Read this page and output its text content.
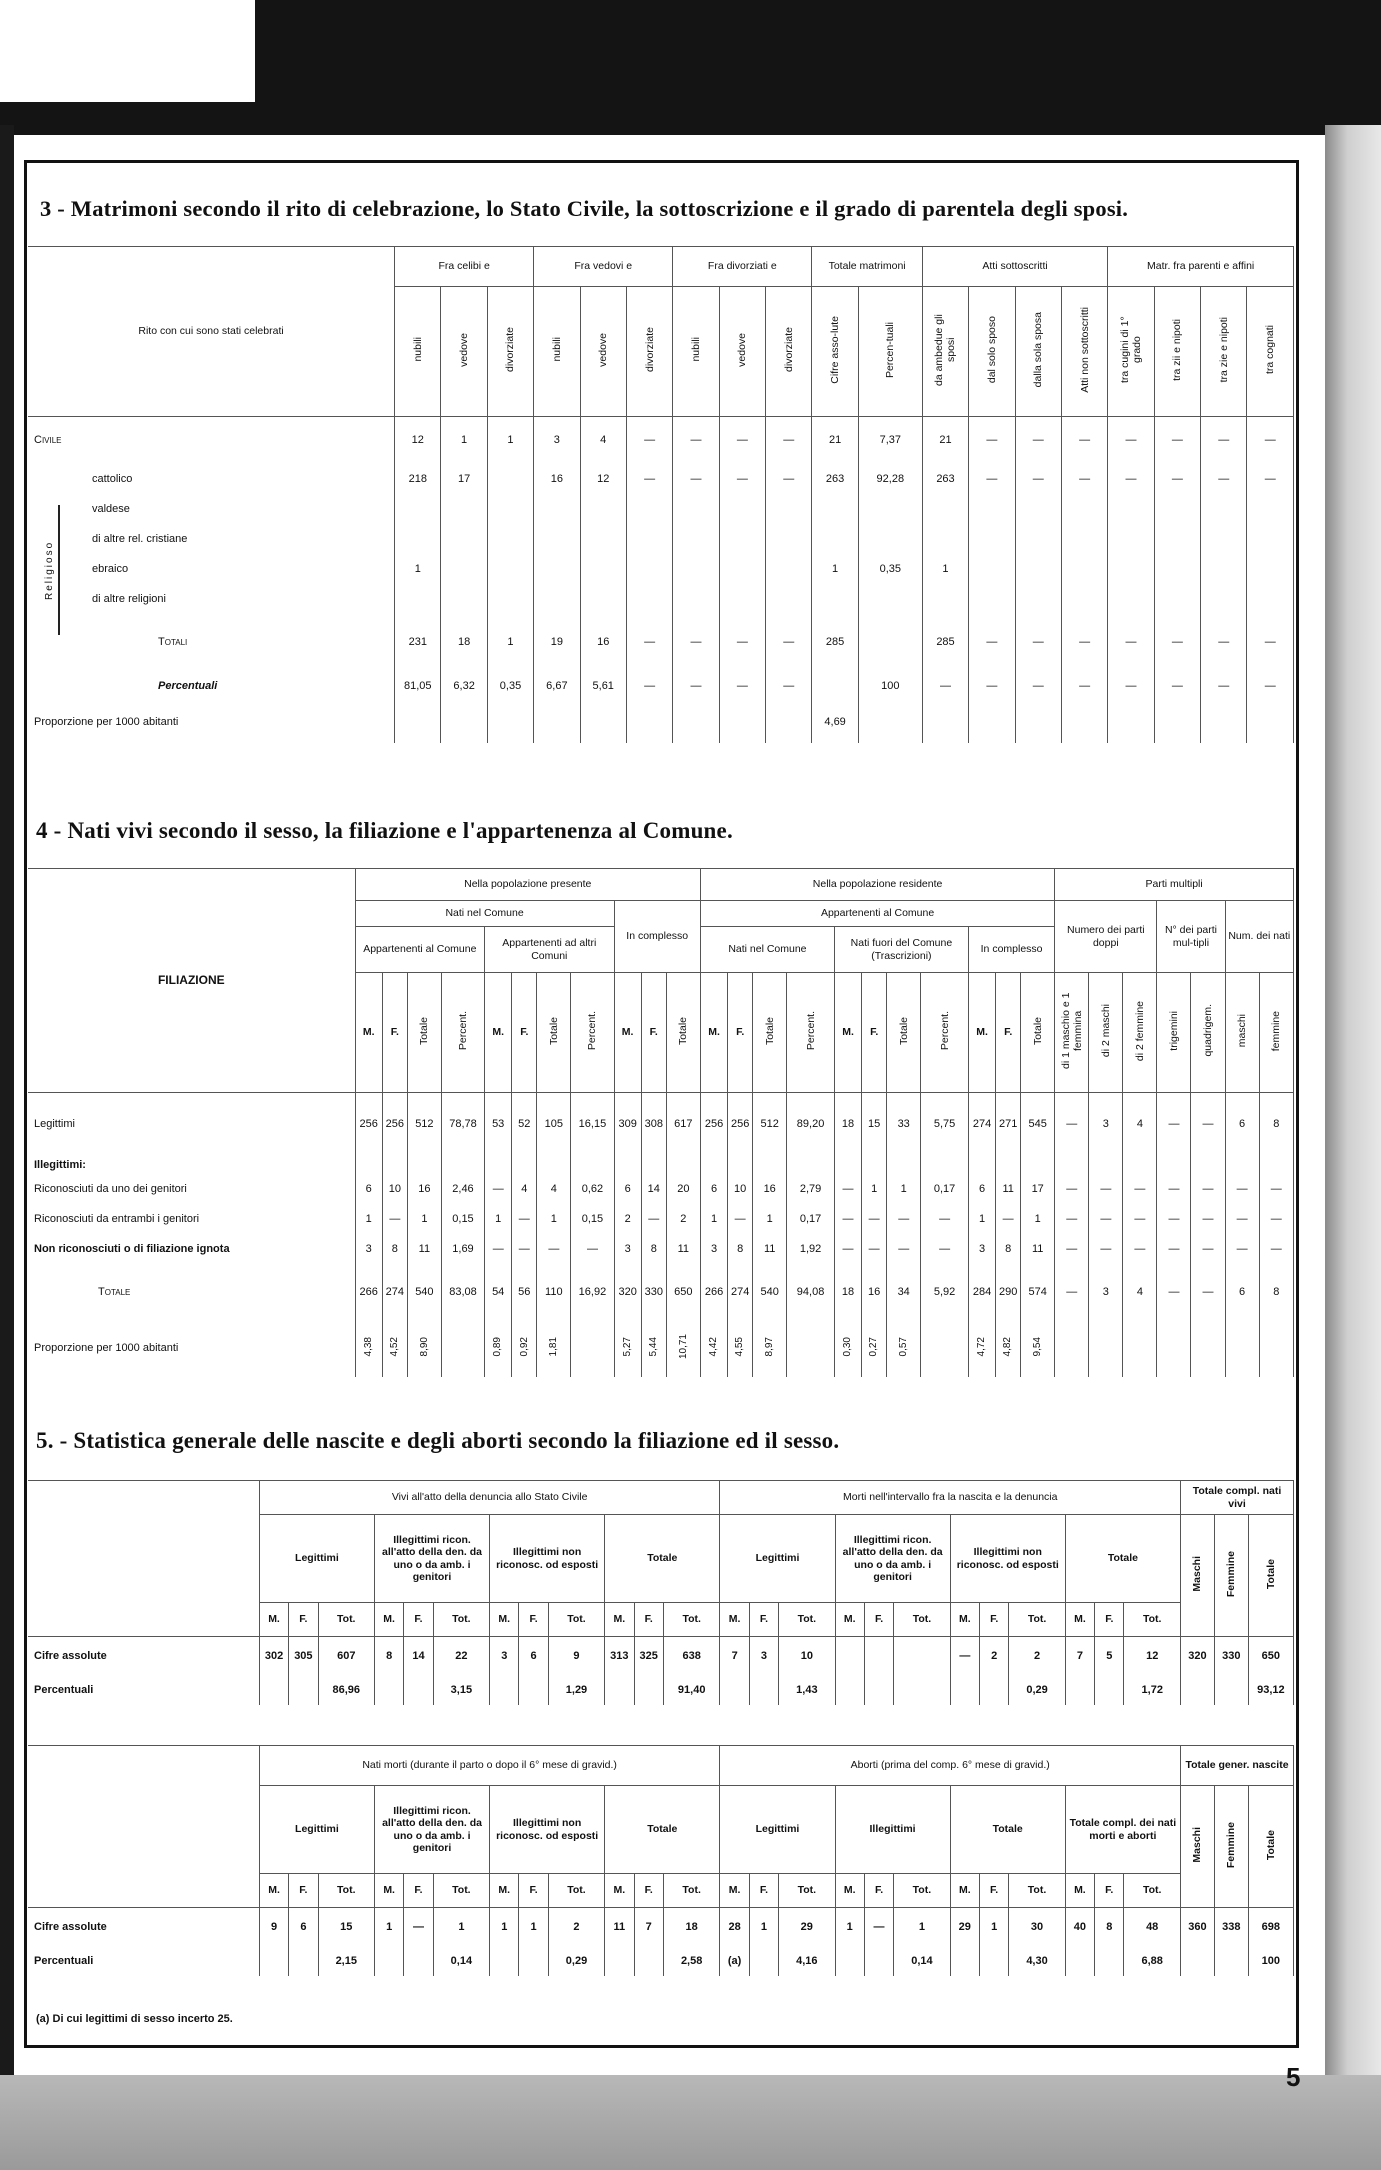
3 - Matrimoni secondo il rito di celebrazione, lo Stato Civile, la sottoscrizione e il grado di parentela degli sposi.
Rito con cui sono stati celebrati	Fra celibi e			Fra vedovi e			Fra divorziati e			Totale matrimoni		Atti sottoscritti				Matr. fra parenti e affini			
	nubili	vedove	divorziate	nubili	vedove	divorziate	nubili	vedove	divorziate	Cifre asso-lute	Percen-tuali	da ambedue gli sposi	dal solo sposo	dalla sola sposa	Atti non sottoscritti	tra cugini di 1° grado	tra zii e nipoti	tra zie e nipoti	tra cognati
Civile	12	1	1	3	4	—	—	—	—	21	7,37	21	—	—	—	—	—	—	—
cattolico	218	17		16	12	—	—	—	—	263	92,28	263	—	—	—	—	—	—	—
valdese																			
di altre rel. cristiane																			
ebraico	1									1	0,35	1							
di altre religioni																			
Totali	231	18	1	19	16	—	—	—	—	285		285	—	—	—	—	—	—	—
Percentuali	81,05	6,32	0,35	6,67	5,61	—	—	—	—		100	—	—	—	—	—	—	—	—
Proporzione per 1000 abitanti										4,69									
4 - Nati vivi secondo il sesso, la filiazione e l'appartenenza al Comune.
FILIAZIONE	Nella popolazione presente											Nella popolazione residente											Parti multipli						
	Nati nel Comune								In complesso			Appartenenti al Comune											Numero dei parti doppi			N° dei parti mul-tipli		Num. dei nati	
	Appartenenti al Comune				Appartenenti ad altri Comuni							Nati nel Comune				Nati fuori del Comune (Trascrizioni)				In complesso									
	M.	F.	Totale	Percent.	M.	F.	Totale	Percent.	M.	F.	Totale	M.	F.	Totale	Percent.	M.	F.	Totale	Percent.	M.	F.	Totale	di 1 maschio e 1 femmina	di 2 maschi	di 2 femmine	trigemini	quadrigem.	maschi	femmine
Legittimi	256	256	512	78,78	53	52	105	16,15	309	308	617	256	256	512	89,20	18	15	33	5,75	274	271	545	—	3	4	—	—	6	8
Illegittimi:																													
Riconosciuti da uno dei genitori	6	10	16	2,46	—	4	4	0,62	6	14	20	6	10	16	2,79	—	1	1	0,17	6	11	17	—	—	—	—	—	—	—
Riconosciuti da entrambi i genitori	1	—	1	0,15	1	—	1	0,15	2	—	2	1	—	1	0,17	—	—	—	—	1	—	1	—	—	—	—	—	—	—
Non riconosciuti o di filiazione ignota	3	8	11	1,69	—	—	—	—	3	8	11	3	8	11	1,92	—	—	—	—	3	8	11	—	—	—	—	—	—	—
Totale	266	274	540	83,08	54	56	110	16,92	320	330	650	266	274	540	94,08	18	16	34	5,92	284	290	574	—	3	4	—	—	6	8
Proporzione per 1000 abitanti	4,38	4,52	8,90		0,89	0,92	1,81		5,27	5,44	10,71	4,42	4,55	8,97		0,30	0,27	0,57		4,72	4,82	9,54							
5. - Statistica generale delle nascite e degli aborti secondo la filiazione ed il sesso.
	Vivi all'atto della denuncia allo Stato Civile												Morti nell'intervallo fra la nascita e la denuncia												Totale compl. nati vivi		
	Legittimi			Illegittimi ricon. all'atto della den. da uno o da amb. i genitori			Illegittimi non riconosc. od esposti			Totale			Legittimi			Illegittimi ricon. all'atto della den. da uno o da amb. i genitori			Illegittimi non riconosc. od esposti			Totale			Maschi	Femmine	Totale
	M.	F.	Tot.	M.	F.	Tot.	M.	F.	Tot.	M.	F.	Tot.	M.	F.	Tot.	M.	F.	Tot.	M.	F.	Tot.	M.	F.	Tot.			
Cifre assolute	302	305	607	8	14	22	3	6	9	313	325	638	7	3	10				—	2	2	7	5	12	320	330	650
Percentuali			86,96			3,15			1,29			91,40			1,43						0,29			1,72			93,12
	Nati morti (durante il parto o dopo il 6° mese di gravid.)												Aborti (prima del comp. 6° mese di gravid.)												Totale gener. nascite		
	Legittimi			Illegittimi ricon. all'atto della den. da uno o da amb. i genitori			Illegittimi non riconosc. od esposti			Totale			Legittimi			Illegittimi			Totale			Totale compl. dei nati morti e aborti			Maschi	Femmine	Totale
	M.	F.	Tot.	M.	F.	Tot.	M.	F.	Tot.	M.	F.	Tot.	M.	F.	Tot.	M.	F.	Tot.	M.	F.	Tot.	M.	F.	Tot.			
Cifre assolute	9	6	15	1	—	1	1	1	2	11	7	18	28	1	29	1	—	1	29	1	30	40	8	48	360	338	698
Percentuali			2,15			0,14			0,29			2,58	(a)		4,16			0,14			4,30			6,88			100
(a) Di cui legittimi di sesso incerto 25.
5
Religioso
